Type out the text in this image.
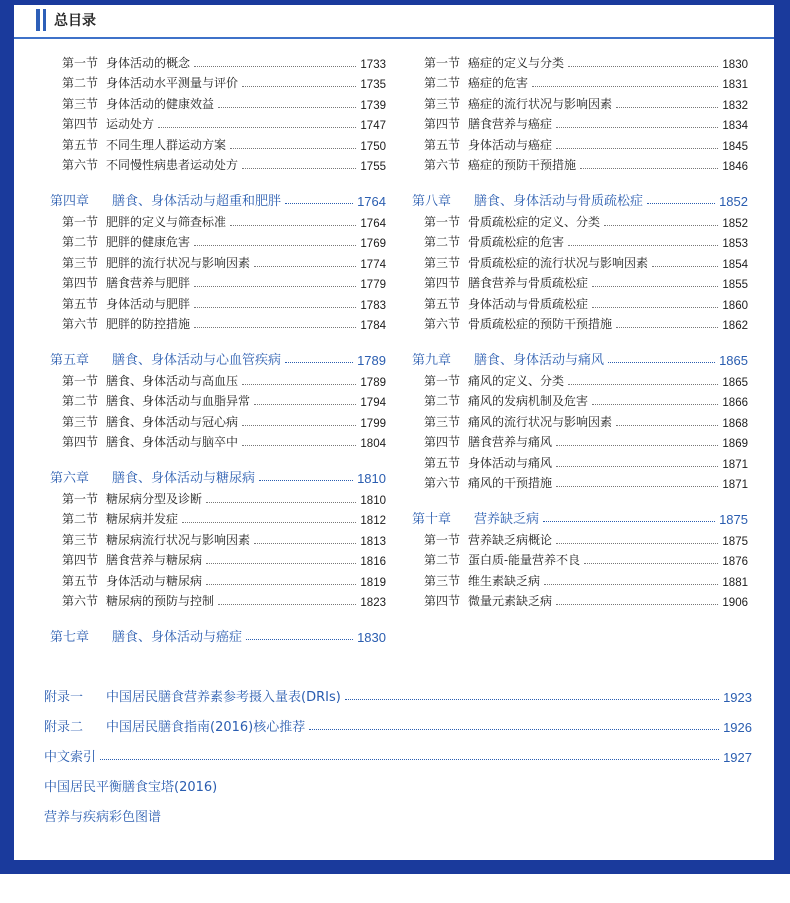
总目录
第一节 身体活动的概念	1733
第二节 身体活动水平测量与评价	1735
第三节 身体活动的健康效益	1739
第四节 运动处方	1747
第五节 不同生理人群运动方案	1750
第六节 不同慢性病患者运动处方	1755
第四章	膳食、身体活动与超重和肥胖	1764
第一节 肥胖的定义与筛查标准	1764
第二节 肥胖的健康危害	1769
第三节 肥胖的流行状况与影响因素	1774
第四节 膳食营养与肥胖	1779
第五节 身体活动与肥胖	1783
第六节 肥胖的防控措施	1784
第五章	膳食、身体活动与心血管疾病	1789
第一节 膳食、身体活动与高血压	1789
第二节 膳食、身体活动与血脂异常	1794
第三节 膳食、身体活动与冠心病	1799
第四节 膳食、身体活动与脑卒中	1804
第六章	膳食、身体活动与糖尿病	1810
第一节 糖尿病分型及诊断	1810
第二节 糖尿病并发症	1812
第三节 糖尿病流行状况与影响因素	1813
第四节 膳食营养与糖尿病	1816
第五节 身体活动与糖尿病	1819
第六节 糖尿病的预防与控制	1823
第七章	膳食、身体活动与癌症	1830
第一节 癌症的定义与分类	1830
第二节 癌症的危害	1831
第三节 癌症的流行状况与影响因素	1832
第四节 膳食营养与癌症	1834
第五节 身体活动与癌症	1845
第六节 癌症的预防干预措施	1846
第八章	膳食、身体活动与骨质疏松症	1852
第一节 骨质疏松症的定义、分类	1852
第二节 骨质疏松症的危害	1853
第三节 骨质疏松症的流行状况与影响因素	1854
第四节 膳食营养与骨质疏松症	1855
第五节 身体活动与骨质疏松症	1860
第六节 骨质疏松症的预防干预措施	1862
第九章	膳食、身体活动与痛风	1865
第一节 痛风的定义、分类	1865
第二节 痛风的发病机制及危害	1866
第三节 痛风的流行状况与影响因素	1868
第四节 膳食营养与痛风	1869
第五节 身体活动与痛风	1871
第六节 痛风的干预措施	1871
第十章	营养缺乏病	1875
第一节 营养缺乏病概论	1875
第二节 蛋白质-能量营养不良	1876
第三节 维生素缺乏病	1881
第四节 微量元素缺乏病	1906
附录一	中国居民膳食营养素参考摄入量表(DRIs)	1923
附录二	中国居民膳食指南(2016)核心推荐	1926
中文索引	1927
中国居民平衡膳食宝塔(2016)
营养与疾病彩色图谱
